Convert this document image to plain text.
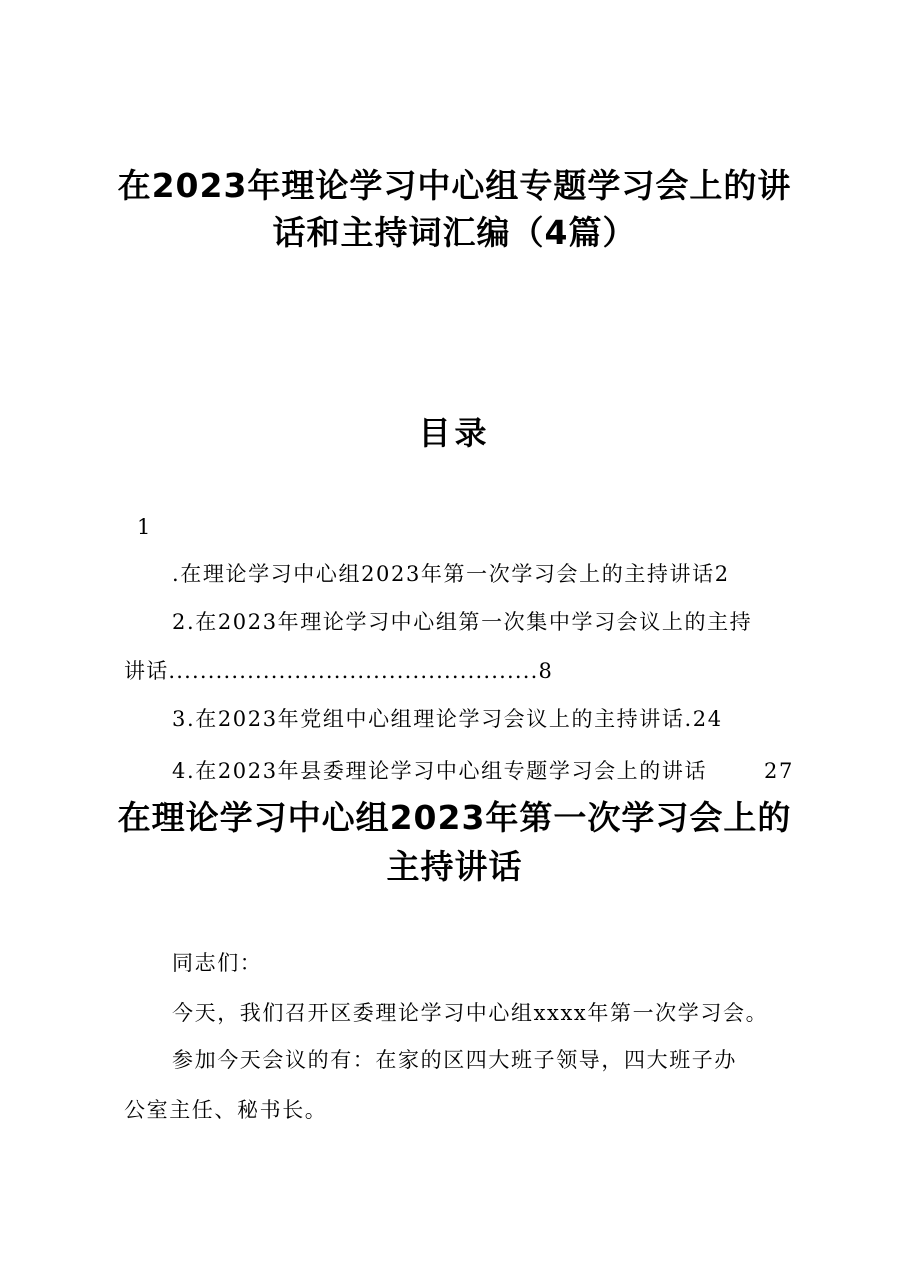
在2023年理论学习中心组专题学习会上的讲
话和主持词汇编（4篇）
目录
1
.在理论学习中心组2023年第一次学习会上的主持讲话2
2.在2023年理论学习中心组第一次集中学习会议上的主持
讲话...............................................8
3.在2023年党组中心组理论学习会议上的主持讲话.24
4.在2023年县委理论学习中心组专题学习会上的讲话	27
在理论学习中心组2023年第一次学习会上的
主持讲话
同志们：
今天，我们召开区委理论学习中心组xxxx年第一次学习会。
参加今天会议的有：在家的区四大班子领导，四大班子办
公室主任、秘书长。
